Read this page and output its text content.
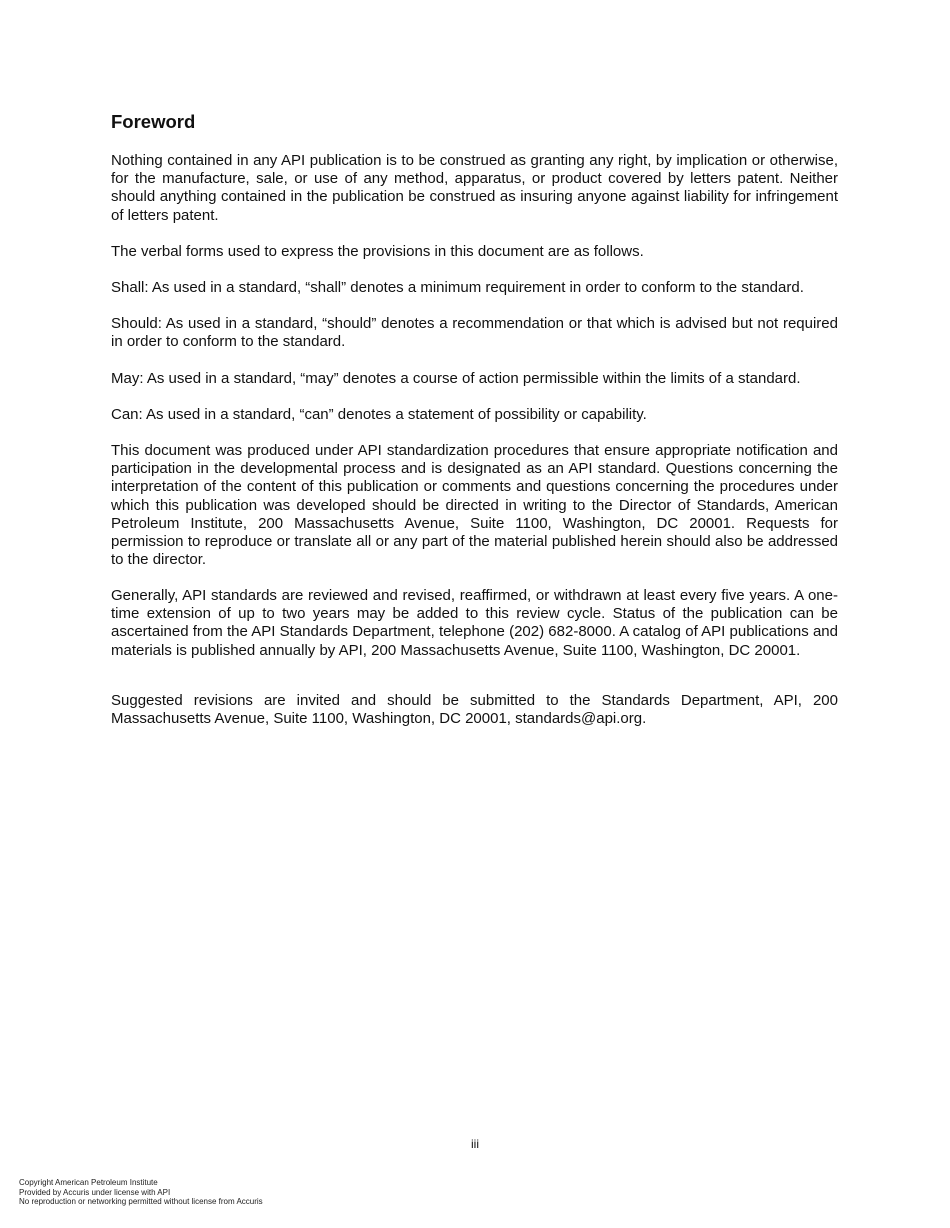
Foreword

Nothing contained in any API publication is to be construed as granting any right, by implication or otherwise, for the manufacture, sale, or use of any method, apparatus, or product covered by letters patent. Neither should anything contained in the publication be construed as insuring anyone against liability for infringement of letters patent.

The verbal forms used to express the provisions in this document are as follows.

Shall: As used in a standard, “shall” denotes a minimum requirement in order to conform to the standard.

Should: As used in a standard, “should” denotes a recommendation or that which is advised but not required in order to conform to the standard.

May: As used in a standard, “may” denotes a course of action permissible within the limits of a standard.

Can: As used in a standard, “can” denotes a statement of possibility or capability.

This document was produced under API standardization procedures that ensure appropriate notification and participation in the developmental process and is designated as an API standard. Questions concerning the interpretation of the content of this publication or comments and questions concerning the procedures under which this publication was developed should be directed in writing to the Director of Standards, American Petroleum Institute, 200 Massachusetts Avenue, Suite 1100, Washington, DC 20001. Requests for permission to reproduce or translate all or any part of the material published herein should also be addressed to the director.

Generally, API standards are reviewed and revised, reaffirmed, or withdrawn at least every five years. A one-time extension of up to two years may be added to this review cycle. Status of the publication can be ascertained from the API Standards Department, telephone (202) 682-8000. A catalog of API publications and materials is published annually by API, 200 Massachusetts Avenue, Suite 1100, Washington, DC 20001.

Suggested revisions are invited and should be submitted to the Standards Department, API, 200 Massachusetts Avenue, Suite 1100, Washington, DC 20001, standards@api.org.

iii
Copyright American Petroleum Institute
Provided by Accuris under license with API
No reproduction or networking permitted without license from Accuris
